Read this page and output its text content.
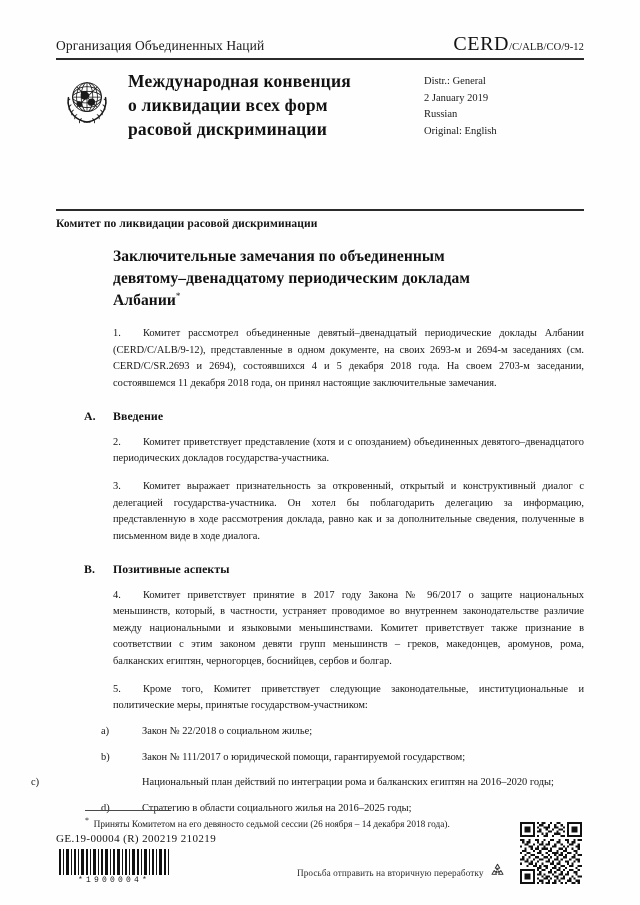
Организация Объединенных Наций	CERD/C/ALB/CO/9-12
Международная конвенция
о ликвидации всех форм
расовой дискриминации
Distr.: General
2 January 2019
Russian
Original: English
Комитет по ликвидации расовой дискриминации
Заключительные замечания по объединенным девятому–двенадцатому периодическим докладам Албании*

1. Комитет рассмотрел объединенные девятый–двенадцатый периодические доклады Албании (CERD/C/ALB/9-12), представленные в одном документе, на своих 2693-м и 2694-м заседаниях (см. CERD/C/SR.2693 и 2694), состоявшихся 4 и 5 декабря 2018 года. На своем 2703-м заседании, состоявшемся 11 декабря 2018 года, он принял настоящие заключительные замечания.

A. Введение

2. Комитет приветствует представление (хотя и с опозданием) объединенных девятого–двенадцатого периодических докладов государства-участника.

3. Комитет выражает признательность за откровенный, открытый и конструктивный диалог с делегацией государства-участника. Он хотел бы поблагодарить делегацию за информацию, представленную в ходе рассмотрения доклада, равно как и за дополнительные сведения, полученные в письменном виде в ходе диалога.

B. Позитивные аспекты

4. Комитет приветствует принятие в 2017 году Закона № 96/2017 о защите национальных меньшинств, который, в частности, устраняет проводимое во внутреннем законодательстве различие между национальными и языковыми меньшинствами. Комитет приветствует также признание в соответствии с этим законом девяти групп меньшинств – греков, македонцев, аромунов, рома, балканских египтян, черногорцев, боснийцев, сербов и болгар.

5. Кроме того, Комитет приветствует следующие законодательные, институциональные и политические меры, принятые государством-участником:

a)	Закон № 22/2018 о социальном жилье;

b)	Закон № 111/2017 о юридической помощи, гарантируемой государством;

c)	Национальный план действий по интеграции рома и балканских египтян на 2016–2020 годы;

d)	Стратегию в области социального жилья на 2016–2025 годы;

* Приняты Комитетом на его девяносто седьмой сессии (26 ноября – 14 декабря 2018 года).
GE.19-00004 (R) 200219 210219
*1900004*
Просьба отправить на вторичную переработку
